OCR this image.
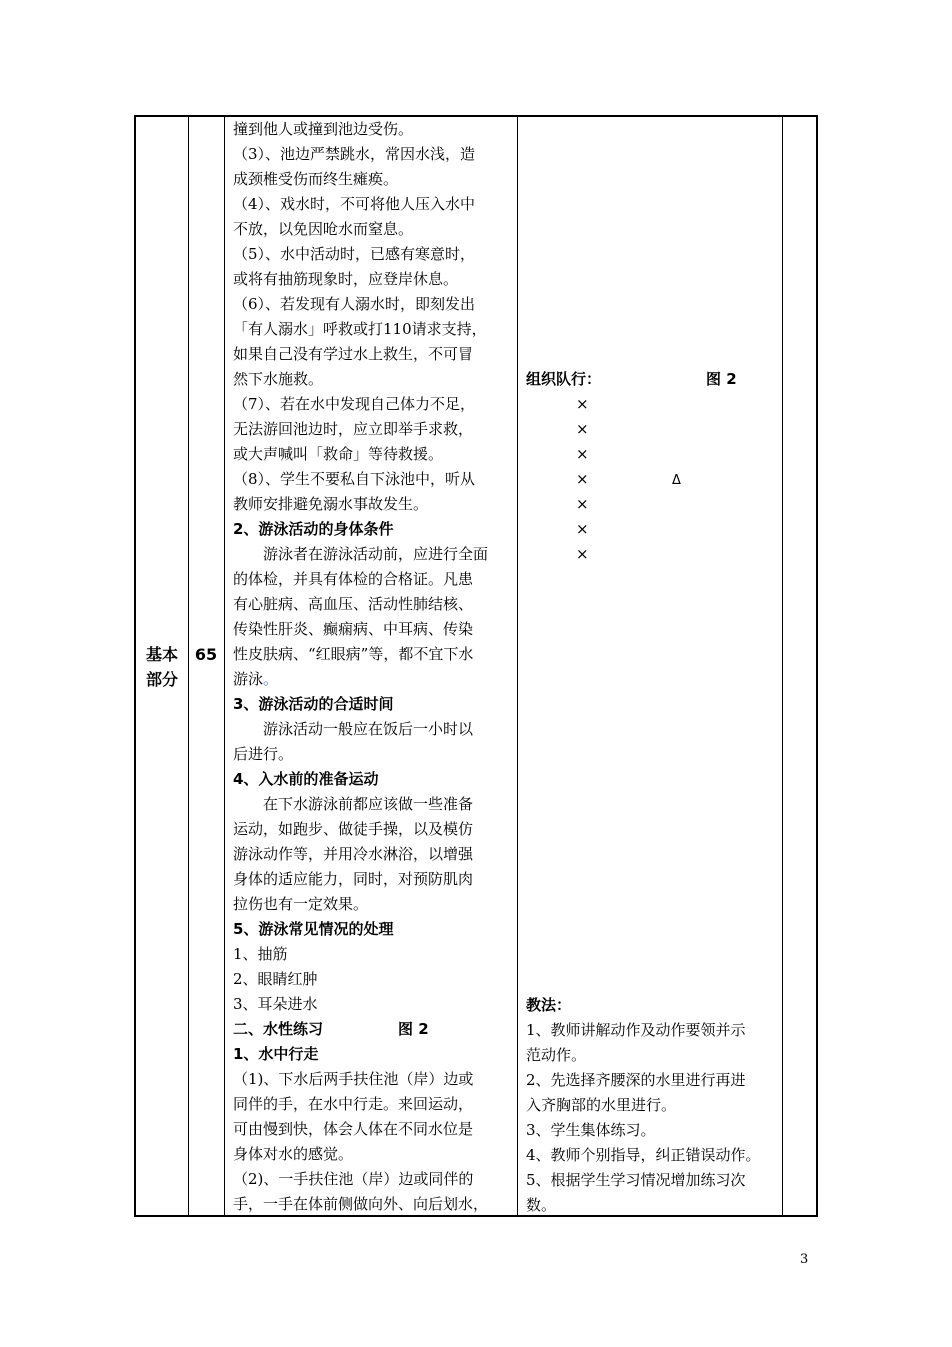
基本
部分
65
撞到他人或撞到池边受伤。
（3）、池边严禁跳水，常因水浅，造
成颈椎受伤而终生瘫痪。
（4）、戏水时，不可将他人压入水中
不放，以免因呛水而窒息。
（5）、水中活动时，已感有寒意时，
或将有抽筋现象时，应登岸休息。
（6）、若发现有人溺水时，即刻发出
「有人溺水」呼救或打110请求支持，
如果自己没有学过水上救生，不可冒
然下水施救。
（7）、若在水中发现自己体力不足，
无法游回池边时，应立即举手求救，
或大声喊叫「救命」等待救援。
（8）、学生不要私自下泳池中，听从
教师安排避免溺水事故发生。
2、游泳活动的身体条件
游泳者在游泳活动前，应进行全面
的体检，并具有体检的合格证。凡患
有心脏病、高血压、活动性肺结核、
传染性肝炎、癫痫病、中耳病、传染
性皮肤病、“红眼病”等，都不宜下水
游泳。
3、游泳活动的合适时间
游泳活动一般应在饭后一小时以
后进行。
4、入水前的准备运动
在下水游泳前都应该做一些准备
运动，如跑步、做徒手操，以及模仿
游泳动作等，并用冷水淋浴，以增强
身体的适应能力，同时，对预防肌肉
拉伤也有一定效果。
5、游泳常见情况的处理
1、抽筋
2、眼睛红肿
3、耳朵进水
二、水性练习	图 2
1、水中行走
（1)、下水后两手扶住池（岸）边或
同伴的手，在水中行走。来回运动，
可由慢到快，体会人体在不同水位是
身体对水的感觉。
（2)、一手扶住池（岸）边或同伴的
手，一手在体前侧做向外、向后划水，
组织队行：	图 2
×
×
×
×
×
×
×
Δ
教法：
1、教师讲解动作及动作要领并示
范动作。
2、先选择齐腰深的水里进行再进
入齐胸部的水里进行。
3、学生集体练习。
4、教师个别指导，纠正错误动作。
5、根据学生学习情况增加练习次
数。
3
